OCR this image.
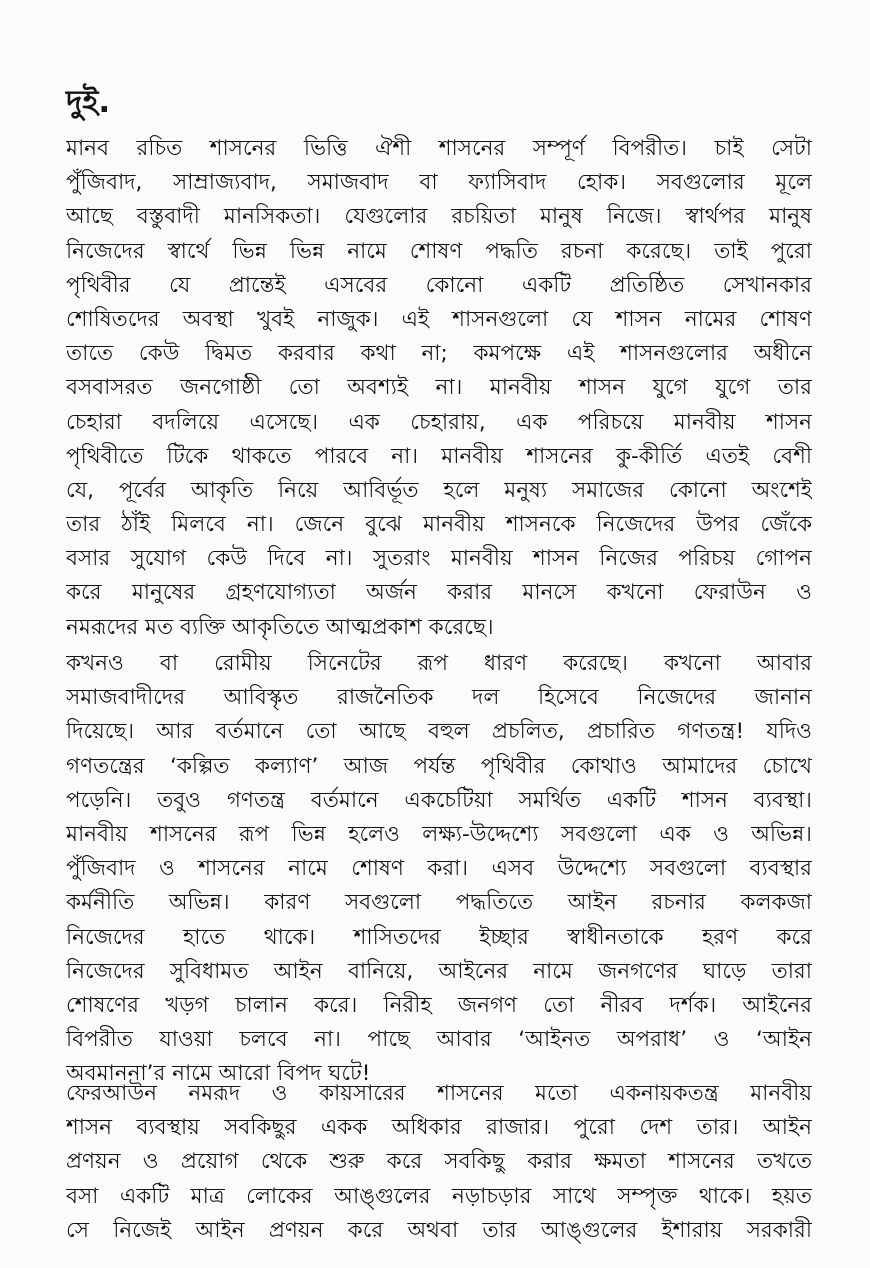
দুই.
মানব রচিত শাসনের ভিত্তি ঐশী শাসনের সম্পূর্ণ বিপরীত। চাই সেটা
পুঁজিবাদ, সাম্রাজ্যবাদ, সমাজবাদ বা ফ্যাসিবাদ হোক। সবগুলোর মূলে
আছে বস্তুবাদী মানসিকতা। যেগুলোর রচয়িতা মানুষ নিজে। স্বার্থপর মানুষ
নিজেদের স্বার্থে ভিন্ন ভিন্ন নামে শোষণ পদ্ধতি রচনা করেছে। তাই পুরো
পৃথিবীর যে প্রান্তেই এসবের কোনো একটি প্রতিষ্ঠিত সেখানকার
শোষিতদের অবস্থা খুবই নাজুক। এই শাসনগুলো যে শাসন নামের শোষণ
তাতে কেউ দ্বিমত করবার কথা না; কমপক্ষে এই শাসনগুলোর অধীনে
বসবাসরত জনগোষ্ঠী তো অবশ্যই না। মানবীয় শাসন যুগে যুগে তার
চেহারা বদলিয়ে এসেছে। এক চেহারায়, এক পরিচয়ে মানবীয় শাসন
পৃথিবীতে টিকে থাকতে পারবে না। মানবীয় শাসনের কু-কীর্তি এতই বেশী
যে, পূর্বের আকৃতি নিয়ে আবির্ভূত হলে মনুষ্য সমাজের কোনো অংশেই
তার ঠাঁই মিলবে না। জেনে বুঝে মানবীয় শাসনকে নিজেদের উপর জেঁকে
বসার সুযোগ কেউ দিবে না। সুতরাং মানবীয় শাসন নিজের পরিচয় গোপন
করে মানুষের গ্রহণযোগ্যতা অর্জন করার মানসে কখনো ফেরাউন ও
নমরূদের মত ব্যক্তি আকৃতিতে আত্মপ্রকাশ করেছে।
কখনও বা রোমীয় সিনেটের রূপ ধারণ করেছে। কখনো আবার
সমাজবাদীদের আবিস্কৃত রাজনৈতিক দল হিসেবে নিজেদের জানান
দিয়েছে। আর বর্তমানে তো আছে বহুল প্রচলিত, প্রচারিত গণতন্ত্র! যদিও
গণতন্ত্রের ‘কল্পিত কল্যাণ’ আজ পর্যন্ত পৃথিবীর কোথাও আমাদের চোখে
পড়েনি। তবুও গণতন্ত্র বর্তমানে একচেটিয়া সমর্থিত একটি শাসন ব্যবস্থা।
মানবীয় শাসনের রূপ ভিন্ন হলেও লক্ষ্য-উদ্দেশ্যে সবগুলো এক ও অভিন্ন।
পুঁজিবাদ ও শাসনের নামে শোষণ করা। এসব উদ্দেশ্যে সবগুলো ব্যবস্থার
কর্মনীতি অভিন্ন। কারণ সবগুলো পদ্ধতিতে আইন রচনার কলকজা
নিজেদের হাতে থাকে। শাসিতদের ইচ্ছার স্বাধীনতাকে হরণ করে
নিজেদের সুবিধামত আইন বানিয়ে, আইনের নামে জনগণের ঘাড়ে তারা
শোষণের খড়গ চালান করে। নিরীহ জনগণ তো নীরব দর্শক। আইনের
বিপরীত যাওয়া চলবে না। পাছে আবার ‘আইনত অপরাধ’ ও ‘আইন
অবমাননা’র নামে আরো বিপদ ঘটে!
ফেরআউন নমরূদ ও কায়সারের শাসনের মতো একনায়কতন্ত্র মানবীয়
শাসন ব্যবস্থায় সবকিছুর একক অধিকার রাজার। পুরো দেশ তার। আইন
প্রণয়ন ও প্রয়োগ থেকে শুরু করে সবকিছু করার ক্ষমতা শাসনের তখতে
বসা একটি মাত্র লোকের আঙ্গুলের নড়াচড়ার সাথে সম্পৃক্ত থাকে। হয়ত
সে নিজেই আইন প্রণয়ন করে অথবা তার আঙ্গুলের ইশারায় সরকারী
